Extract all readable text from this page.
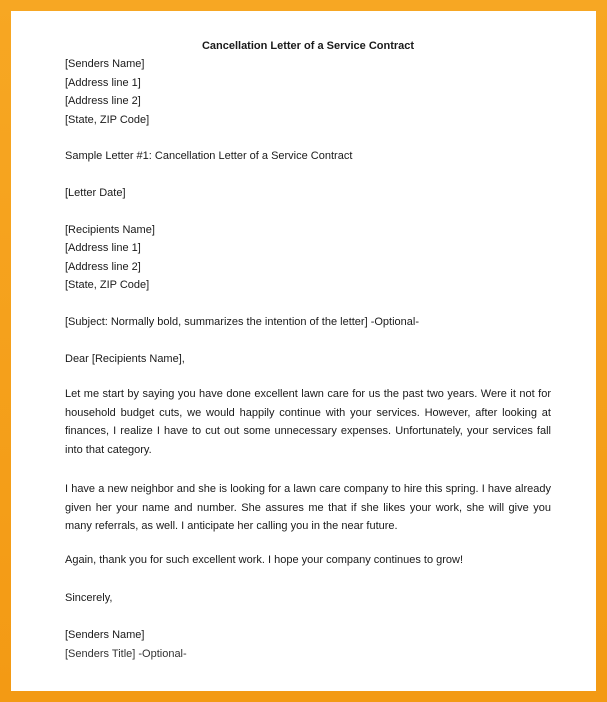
Cancellation Letter of a Service Contract
[Senders Name]
[Address line 1]
[Address line 2]
[State, ZIP Code]
Sample Letter #1: Cancellation Letter of a Service Contract
[Letter Date]
[Recipients Name]
[Address line 1]
[Address line 2]
[State, ZIP Code]
[Subject: Normally bold, summarizes the intention of the letter] -Optional-
Dear [Recipients Name],
Let me start by saying you have done excellent lawn care for us the past two years. Were it not for household budget cuts, we would happily continue with your services. However, after looking at finances, I realize I have to cut out some unnecessary expenses. Unfortunately, your services fall into that category.
I have a new neighbor and she is looking for a lawn care company to hire this spring. I have already given her your name and number. She assures me that if she likes your work, she will give you many referrals, as well. I anticipate her calling you in the near future.
Again, thank you for such excellent work. I hope your company continues to grow!
Sincerely,
[Senders Name]
[Senders Title] -Optional-
